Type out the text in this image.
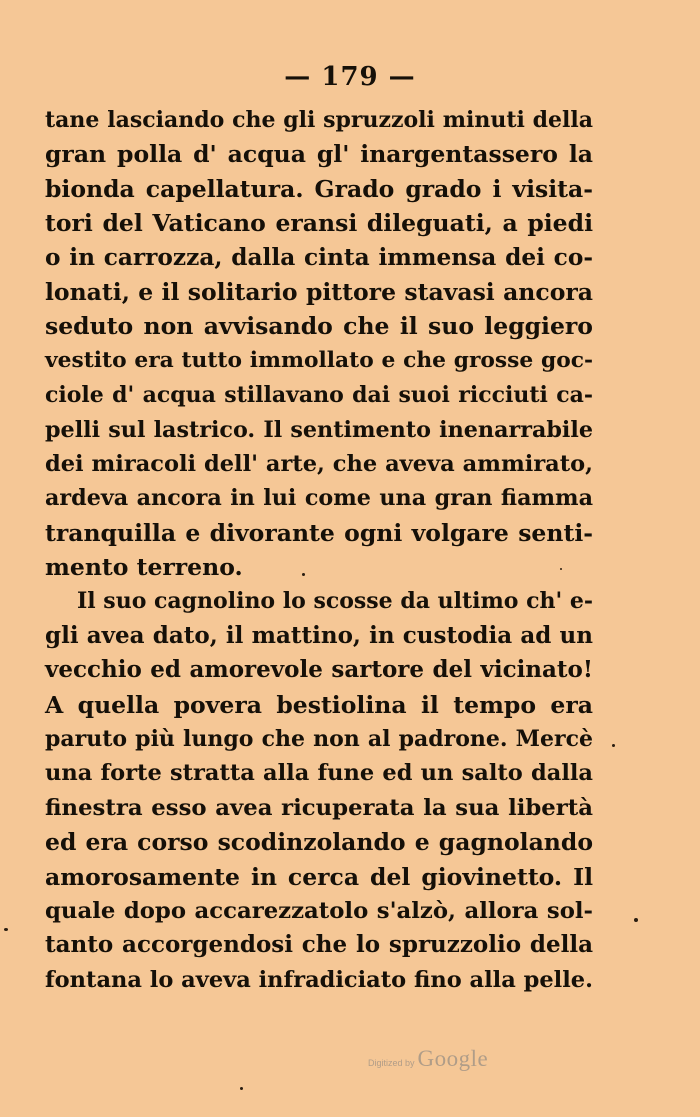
— 179 —
tane lasciando che gli spruzzoli minuti della
gran polla d' acqua gl' inargentassero la
bionda capellatura. Grado grado i visita-
tori del Vaticano eransi dileguati, a piedi
o in carrozza, dalla cinta immensa dei co-
lonati, e il solitario pittore stavasi ancora
seduto non avvisando che il suo leggiero
vestito era tutto immollato e che grosse goc-
ciole d' acqua stillavano dai suoi ricciuti ca-
pelli sul lastrico. Il sentimento inenarrabile
dei miracoli dell' arte, che aveva ammirato,
ardeva ancora in lui come una gran fiamma
tranquilla e divorante ogni volgare senti-
mento terreno.
Il suo cagnolino lo scosse da ultimo ch' e-
gli avea dato, il mattino, in custodia ad un
vecchio ed amorevole sartore del vicinato!
A quella povera bestiolina il tempo era
paruto più lungo che non al padrone. Mercè
una forte stratta alla fune ed un salto dalla
finestra esso avea ricuperata la sua libertà
ed era corso scodinzolando e gagnolando
amorosamente in cerca del giovinetto. Il
quale dopo accarezzatolo s'alzò, allora sol-
tanto accorgendosi che lo spruzzolio della
fontana lo aveva infradiciato fino alla pelle.
Digitized by Google
